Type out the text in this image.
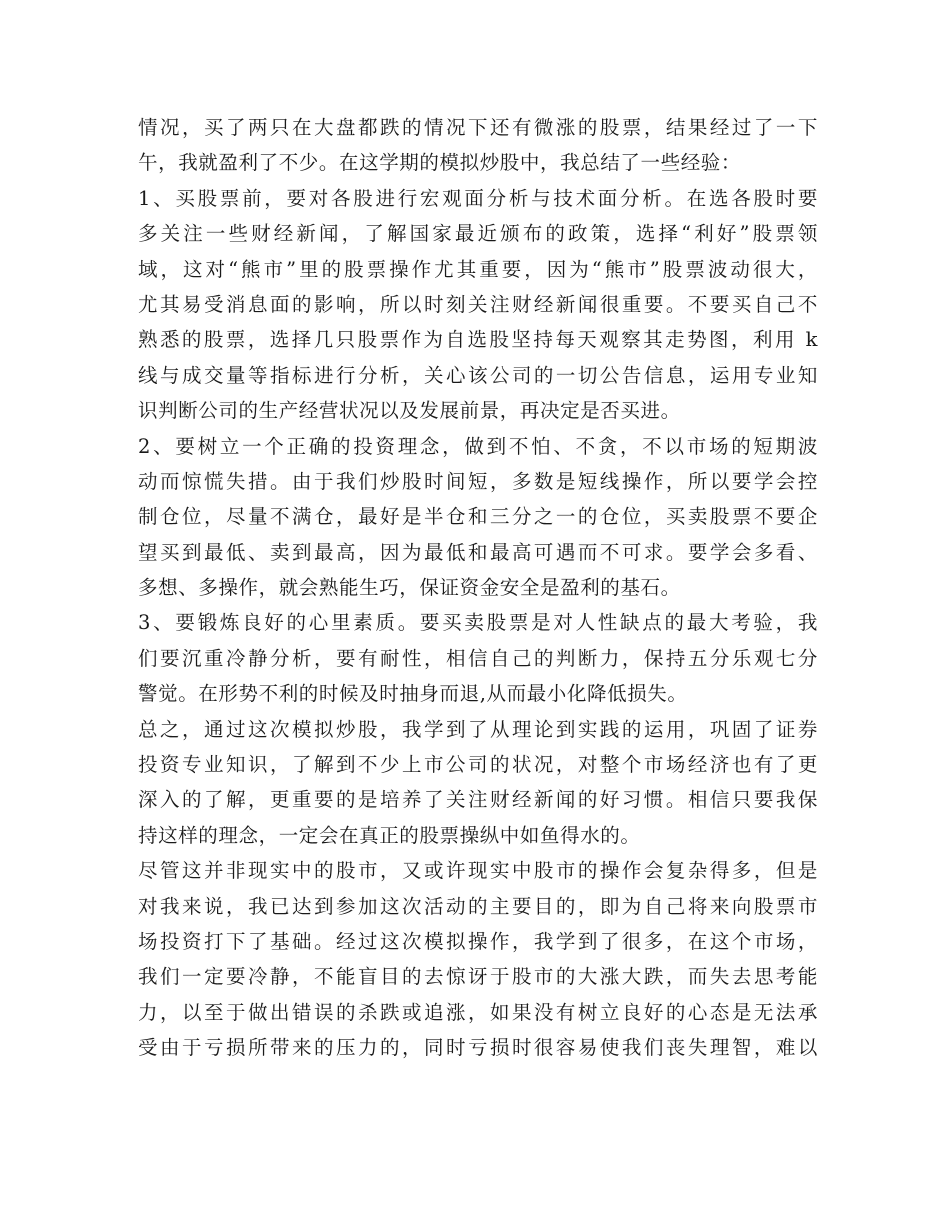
情况，买了两只在大盘都跌的情况下还有微涨的股票，结果经过了一下
午，我就盈利了不少。在这学期的模拟炒股中，我总结了一些经验：
1、买股票前，要对各股进行宏观面分析与技术面分析。在选各股时要
多关注一些财经新闻，了解国家最近颁布的政策，选择“利好”股票领
域，这对“熊市”里的股票操作尤其重要，因为“熊市”股票波动很大，
尤其易受消息面的影响，所以时刻关注财经新闻很重要。不要买自己不
熟悉的股票，选择几只股票作为自选股坚持每天观察其走势图，利用 k
线与成交量等指标进行分析，关心该公司的一切公告信息，运用专业知
识判断公司的生产经营状况以及发展前景，再决定是否买进。
2、要树立一个正确的投资理念，做到不怕、不贪，不以市场的短期波
动而惊慌失措。由于我们炒股时间短，多数是短线操作，所以要学会控
制仓位，尽量不满仓，最好是半仓和三分之一的仓位，买卖股票不要企
望买到最低、卖到最高，因为最低和最高可遇而不可求。要学会多看、
多想、多操作，就会熟能生巧，保证资金安全是盈利的基石。
3、要锻炼良好的心里素质。要买卖股票是对人性缺点的最大考验，我
们要沉重冷静分析，要有耐性，相信自己的判断力，保持五分乐观七分
警觉。在形势不利的时候及时抽身而退,从而最小化降低损失。
总之，通过这次模拟炒股，我学到了从理论到实践的运用，巩固了证券
投资专业知识，了解到不少上市公司的状况，对整个市场经济也有了更
深入的了解，更重要的是培养了关注财经新闻的好习惯。相信只要我保
持这样的理念，一定会在真正的股票操纵中如鱼得水的。
尽管这并非现实中的股市，又或许现实中股市的操作会复杂得多，但是
对我来说，我已达到参加这次活动的主要目的，即为自己将来向股票市
场投资打下了基础。经过这次模拟操作，我学到了很多，在这个市场，
我们一定要冷静，不能盲目的去惊讶于股市的大涨大跌，而失去思考能
力，以至于做出错误的杀跌或追涨，如果没有树立良好的心态是无法承
受由于亏损所带来的压力的，同时亏损时很容易使我们丧失理智，难以
